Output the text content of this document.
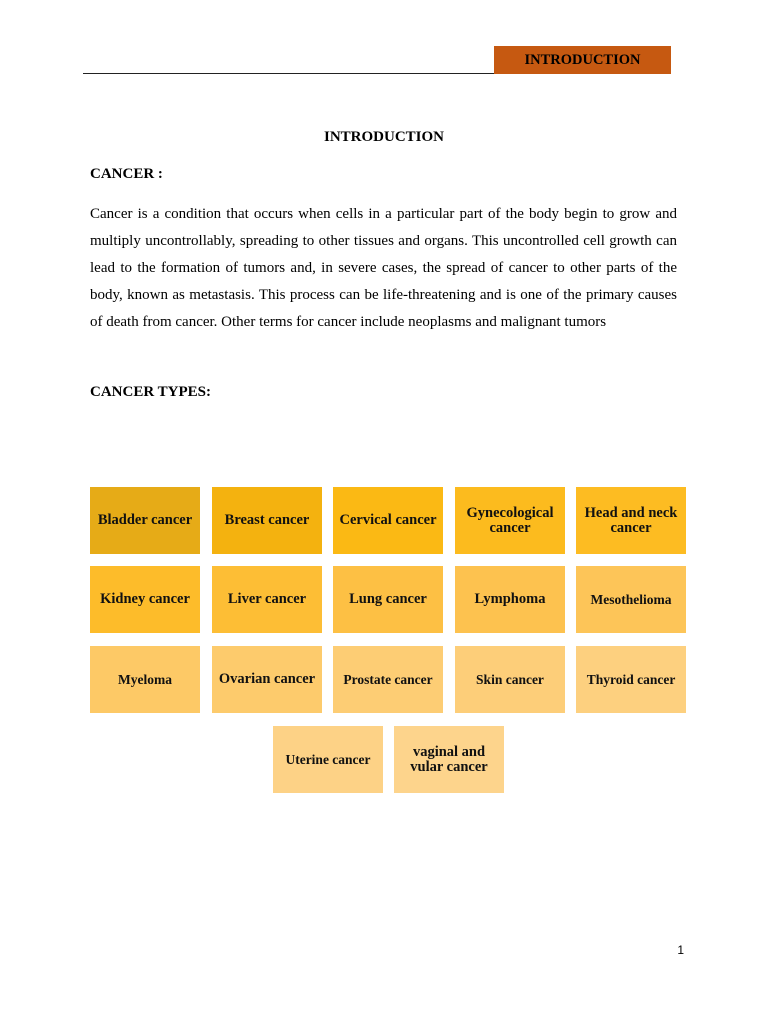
INTRODUCTION
INTRODUCTION
CANCER :
Cancer is a condition that occurs when cells in a particular part of the body begin to grow and multiply uncontrollably, spreading to other tissues and organs. This uncontrolled cell growth can lead to the formation of tumors and, in severe cases, the spread of cancer to other parts of the body, known as metastasis. This process can be life-threatening and is one of the primary causes of death from cancer. Other terms for cancer include neoplasms and malignant tumors
CANCER TYPES:
Bladder cancer	Breast cancer	Cervical cancer	Gynecological cancer
Head and neck cancer
Kidney cancer	Liver cancer	Lung cancer	Lymphoma	Mesothelioma
Myeloma	Ovarian cancer	Prostate cancer	Skin cancer	Thyroid cancer
Uterine cancer	vaginal and vular cancer
1
